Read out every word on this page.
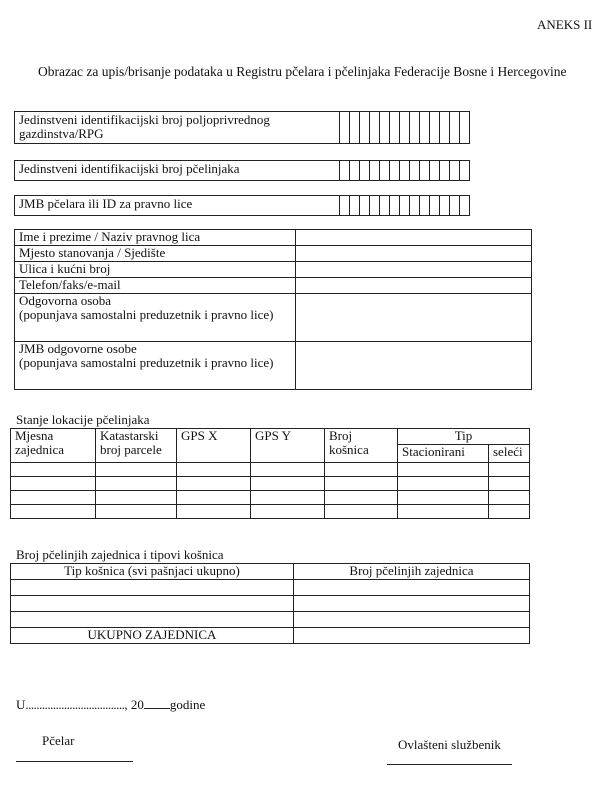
ANEKS II
Obrazac za upis/brisanje podataka u Registru pčelara i pčelinjaka Federacije Bosne i Hercegovine
Jedinstveni identifikacijski broj poljoprivrednog gazdinstva/RPG													
Jedinstveni identifikacijski broj pčelinjaka													
JMB pčelara ili ID za pravno lice													
Ime i prezime / Naziv pravnog lica	
Mjesto stanovanja / Sjedište	
Ulica i kućni broj	
Telefon/faks/e-mail	
Odgovorna osoba
(popunjava samostalni preduzetnik i pravno lice)	
JMB odgovorne osobe
(popunjava samostalni preduzetnik i pravno lice)	
Stanje lokacije pčelinjaka
Mjesna zajednica	Katastarski broj parcele	GPS X	GPS Y	Broj košnica	Tip	
					Stacionirani	seleći

Broj pčelinjih zajednica i tipovi košnica
Tip košnica (svi pašnjaci ukupno)	Broj pčelinjih zajednica

UKUPNO ZAJEDNICA	
U...................................., 20 godine
Pčelar	Ovlašteni službenik
